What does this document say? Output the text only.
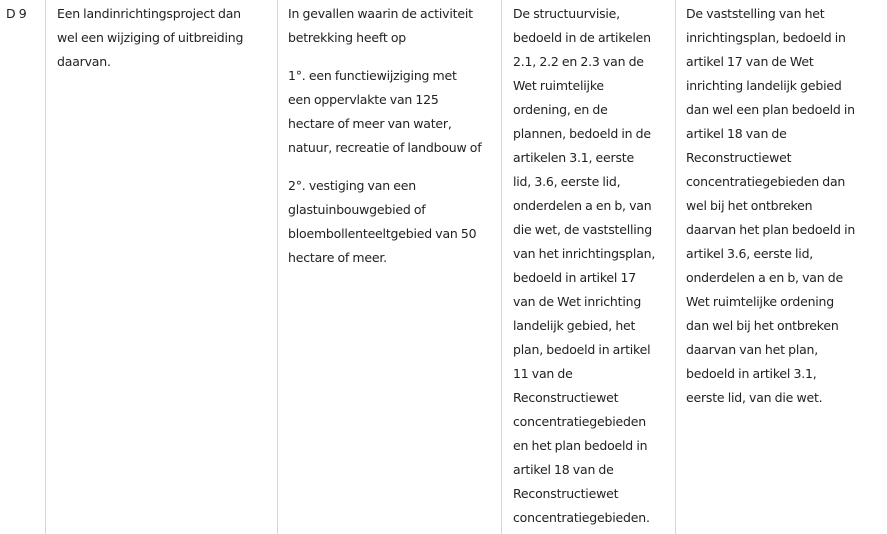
D 9	Een landinrichtingsproject dan
wel een wijziging of uitbreiding
daarvan.

In gevallen waarin de activiteit
betrekking heeft op

1°. een functiewijziging met
een oppervlakte van 125
hectare of meer van water,
natuur, recreatie of landbouw of

2°. vestiging van een
glastuinbouwgebied of
bloembollenteeltgebied van 50
hectare of meer.

De structuurvisie,
bedoeld in de artikelen
2.1, 2.2 en 2.3 van de
Wet ruimtelijke
ordening, en de
plannen, bedoeld in de
artikelen 3.1, eerste
lid, 3.6, eerste lid,
onderdelen a en b, van
die wet, de vaststelling
van het inrichtingsplan,
bedoeld in artikel 17
van de Wet inrichting
landelijk gebied, het
plan, bedoeld in artikel
11 van de
Reconstructiewet
concentratiegebieden
en het plan bedoeld in
artikel 18 van de
Reconstructiewet
concentratiegebieden.
De vaststelling van het
inrichtingsplan, bedoeld in
artikel 17 van de Wet
inrichting landelijk gebied
dan wel een plan bedoeld in
artikel 18 van de
Reconstructiewet
concentratiegebieden dan
wel bij het ontbreken
daarvan het plan bedoeld in
artikel 3.6, eerste lid,
onderdelen a en b, van de
Wet ruimtelijke ordening
dan wel bij het ontbreken
daarvan van het plan,
bedoeld in artikel 3.1,
eerste lid, van die wet.
